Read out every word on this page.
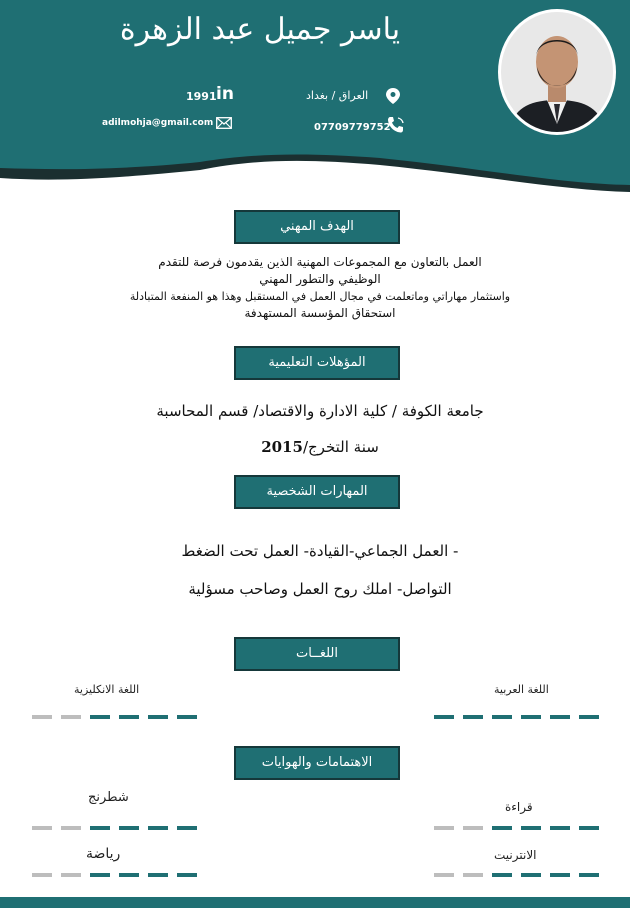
ياسر جميل عبد الزهرة
العراق / بغداد
1991 in
07709779752
adilmohja@gmail.com
الهدف المهني
العمل بالتعاون مع المجموعات المهنية الذين يقدمون فرصة للتقدم
الوظيفي والتطور المهني
واستثمار مهاراتي وماتعلمت في مجال العمل في المستقبل وهذا هو المنفعة المتبادلة
استحقاق المؤسسة المستهدفة
المؤهلات التعليمية
جامعة الكوفة / كلية الادارة والاقتصاد/ قسم المحاسبة
سنة التخرج/2015
المهارات الشخصية
- العمل الجماعي-القيادة- العمل تحت الضغط
التواصل- املك روح العمل وصاحب مسؤلية
اللغــات
اللغة العربية
اللغة الانكليزية
الاهتمامات والهوايات
قراءة
شطرنج
الانترنيت
رياضة
